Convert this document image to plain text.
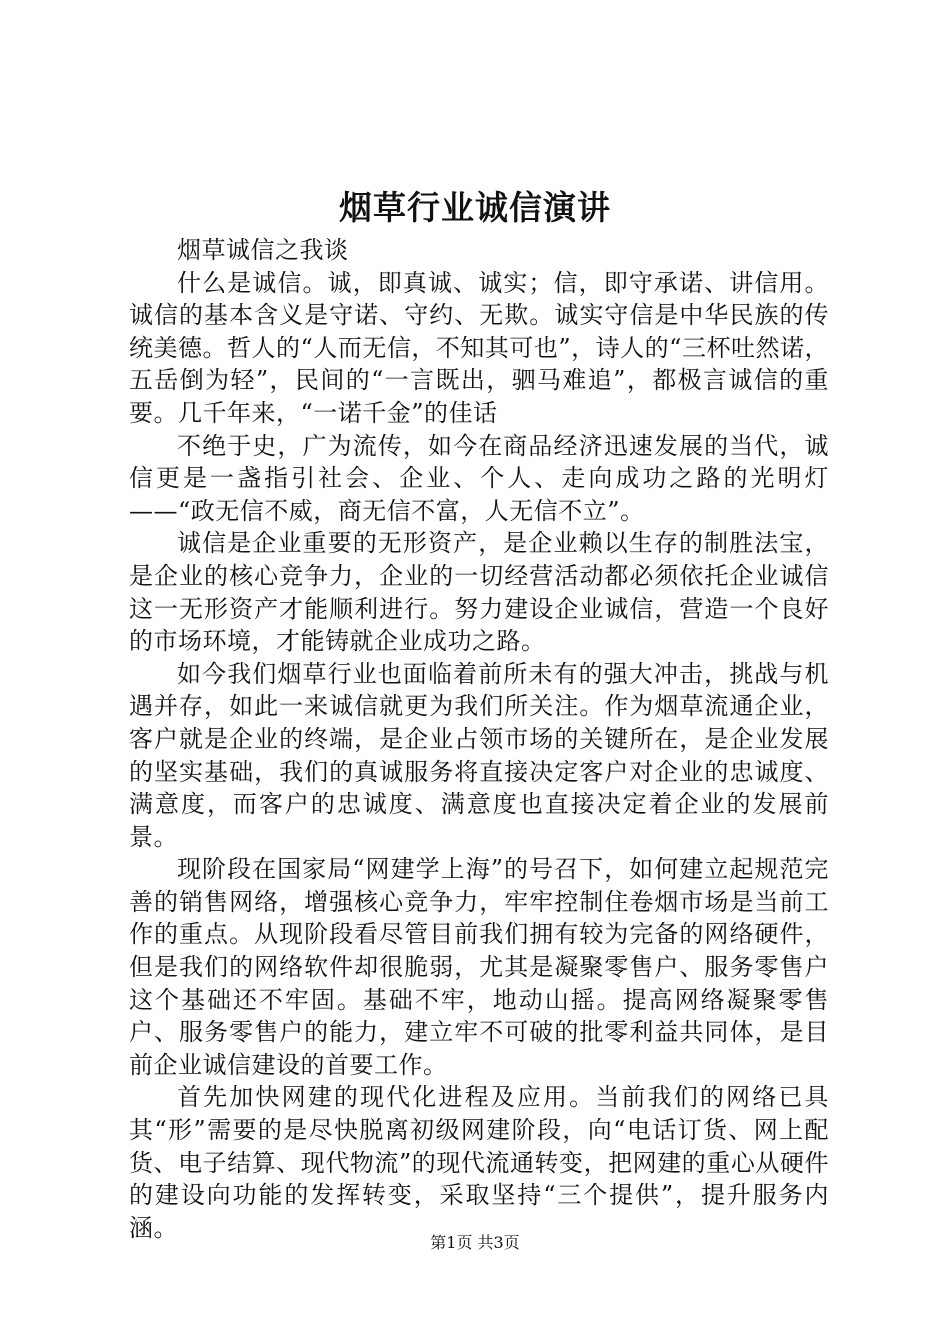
烟草行业诚信演讲

烟草诚信之我谈

什么是诚信。诚，即真诚、诚实；信，即守承诺、讲信用。诚信的基本含义是守诺、守约、无欺。诚实守信是中华民族的传统美德。哲人的“人而无信，不知其可也”，诗人的“三杯吐然诺，五岳倒为轻”，民间的“一言既出，驷马难追”，都极言诚信的重要。几千年来，“一诺千金”的佳话

不绝于史，广为流传，如今在商品经济迅速发展的当代，诚信更是一盏指引社会、企业、个人、走向成功之路的光明灯——“政无信不威，商无信不富，人无信不立”。

诚信是企业重要的无形资产，是企业赖以生存的制胜法宝，是企业的核心竞争力，企业的一切经营活动都必须依托企业诚信这一无形资产才能顺利进行。努力建设企业诚信，营造一个良好的市场环境，才能铸就企业成功之路。

如今我们烟草行业也面临着前所未有的强大冲击，挑战与机遇并存，如此一来诚信就更为我们所关注。作为烟草流通企业，客户就是企业的终端，是企业占领市场的关键所在，是企业发展的坚实基础，我们的真诚服务将直接决定客户对企业的忠诚度、满意度，而客户的忠诚度、满意度也直接决定着企业的发展前景。

现阶段在国家局“网建学上海”的号召下，如何建立起规范完善的销售网络，增强核心竞争力，牢牢控制住卷烟市场是当前工作的重点。从现阶段看尽管目前我们拥有较为完备的网络硬件，但是我们的网络软件却很脆弱，尤其是凝聚零售户、服务零售户这个基础还不牢固。基础不牢，地动山摇。提高网络凝聚零售户、服务零售户的能力，建立牢不可破的批零利益共同体，是目前企业诚信建设的首要工作。

首先加快网建的现代化进程及应用。当前我们的网络已具其“形”需要的是尽快脱离初级网建阶段，向“电话订货、网上配货、电子结算、现代物流”的现代流通转变，把网建的重心从硬件的建设向功能的发挥转变，采取坚持“三个提供”，提升服务内涵。

第1页 共3页
